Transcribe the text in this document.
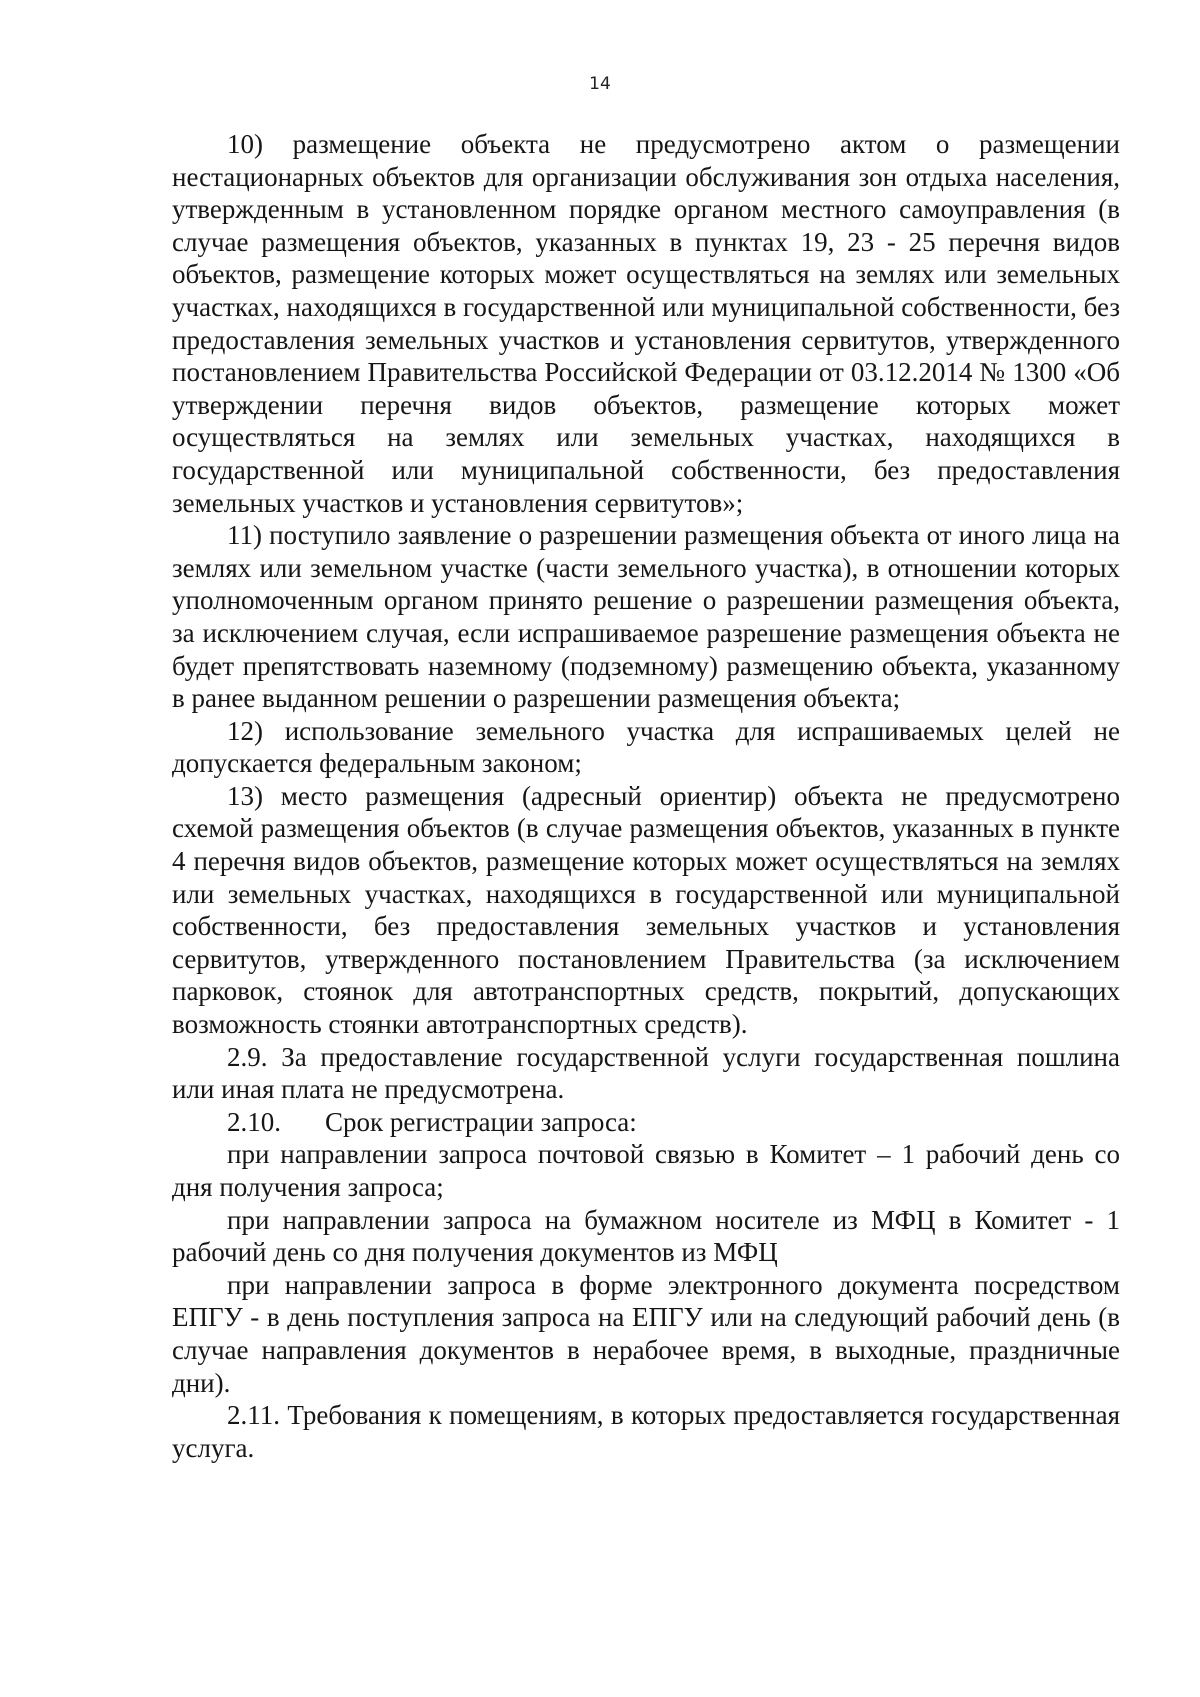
14

10) размещение объекта не предусмотрено актом о размещении нестационарных объектов для организации обслуживания зон отдыха населения, утвержденным в установленном порядке органом местного самоуправления (в случае размещения объектов, указанных в пунктах 19, 23 - 25 перечня видов объектов, размещение которых может осуществляться на землях или земельных участках, находящихся в государственной или муниципальной собственности, без предоставления земельных участков и установления сервитутов, утвержденного постановлением Правительства Российской Федерации от 03.12.2014 № 1300 «Об утверждении перечня видов объектов, размещение которых может осуществляться на землях или земельных участках, находящихся в государственной или муниципальной собственности, без предоставления земельных участков и установления сервитутов»;

11) поступило заявление о разрешении размещения объекта от иного лица на землях или земельном участке (части земельного участка), в отношении которых уполномоченным органом принято решение о разрешении размещения объекта, за исключением случая, если испрашиваемое разрешение размещения объекта не будет препятствовать наземному (подземному) размещению объекта, указанному в ранее выданном решении о разрешении размещения объекта;

12) использование земельного участка для испрашиваемых целей не допускается федеральным законом;

13) место размещения (адресный ориентир) объекта не предусмотрено схемой размещения объектов (в случае размещения объектов, указанных в пункте 4 перечня видов объектов, размещение которых может осуществляться на землях или земельных участках, находящихся в государственной или муниципальной собственности, без предоставления земельных участков и установления сервитутов, утвержденного постановлением Правительства (за исключением парковок, стоянок для автотранспортных средств, покрытий, допускающих возможность стоянки автотранспортных средств).

2.9. За предоставление государственной услуги государственная пошлина или иная плата не предусмотрена.

2.10. Срок регистрации запроса:

при направлении запроса почтовой связью в Комитет – 1 рабочий день со дня получения запроса;

при направлении запроса на бумажном носителе из МФЦ в Комитет - 1 рабочий день со дня получения документов из МФЦ

при направлении запроса в форме электронного документа посредством ЕПГУ - в день поступления запроса на ЕПГУ или на следующий рабочий день (в случае направления документов в нерабочее время, в выходные, праздничные дни).

2.11. Требования к помещениям, в которых предоставляется государственная услуга.
